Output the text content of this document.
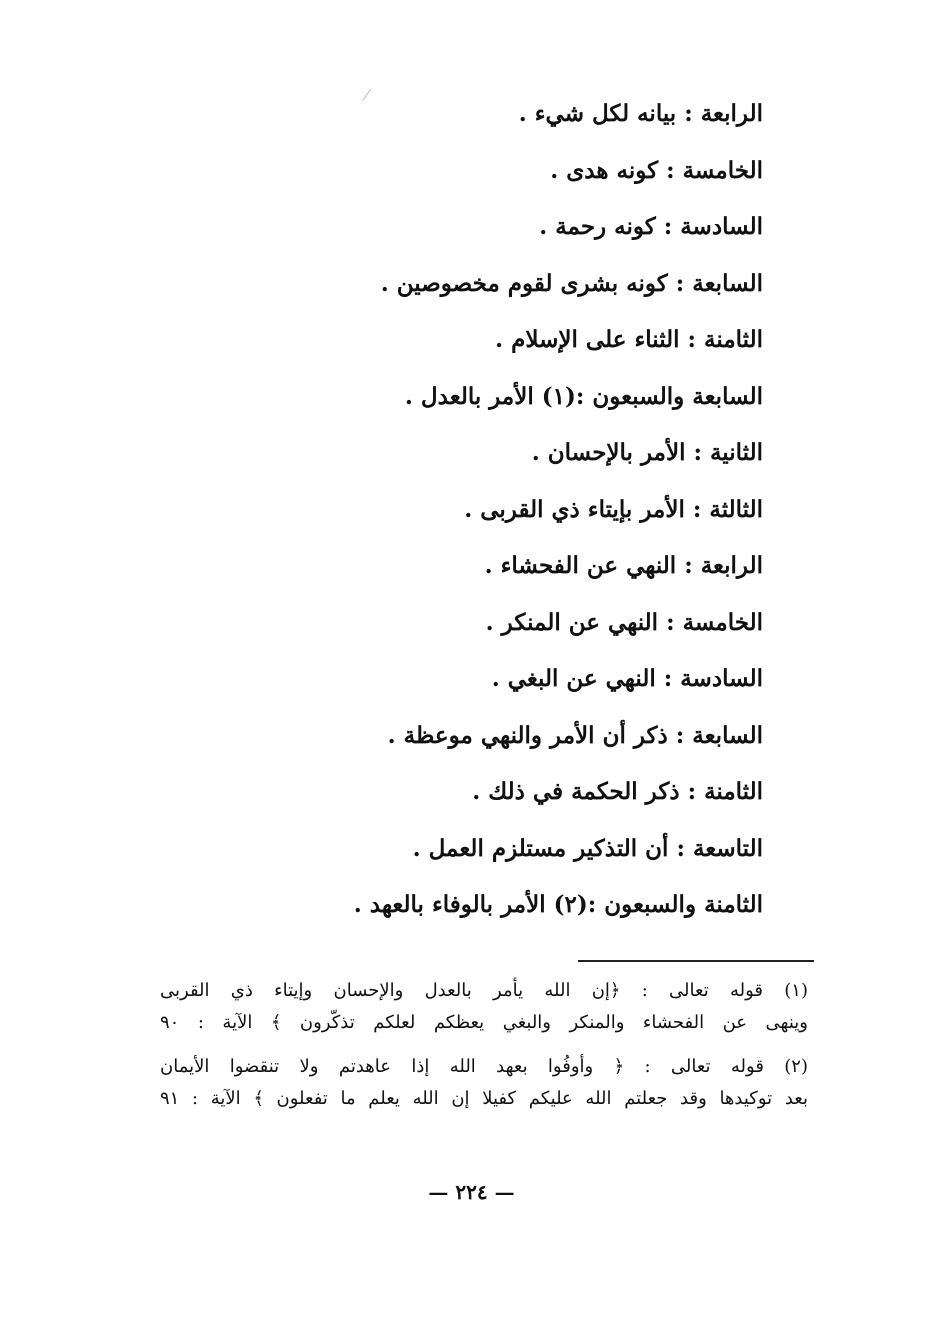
الرابعة : بيانه لكل شيء .
الخامسة : كونه هدى .
السادسة : كونه رحمة .
السابعة : كونه بشرى لقوم مخصوصين .
الثامنة : الثناء على الإسلام .
السابعة والسبعون :(١) الأمر بالعدل .
الثانية : الأمر بالإحسان .
الثالثة : الأمر بإيتاء ذي القربى .
الرابعة : النهي عن الفحشاء .
الخامسة : النهي عن المنكر .
السادسة : النهي عن البغي .
السابعة : ذكر أن الأمر والنهي موعظة .
الثامنة : ذكر الحكمة في ذلك .
التاسعة : أن التذكير مستلزم العمل .
الثامنة والسبعون :(٢) الأمر بالوفاء بالعهد .
(١) قوله تعالى : ﴿إن الله يأمر بالعدل والإحسان وإيتاء ذي القربى
وينهى عن الفحشاء والمنكر والبغي يعظكم لعلكم تذكّرون ﴾ الآية : ٩٠
(٢) قوله تعالى : ﴿ وأوفُوا بعهد الله إذا عاهدتم ولا تنقضوا الأيمان
بعد توكيدها وقد جعلتم الله عليكم كفيلا إن الله يعلم ما تفعلون ﴾ الآية : ٩١
— ٢٢٤ —
